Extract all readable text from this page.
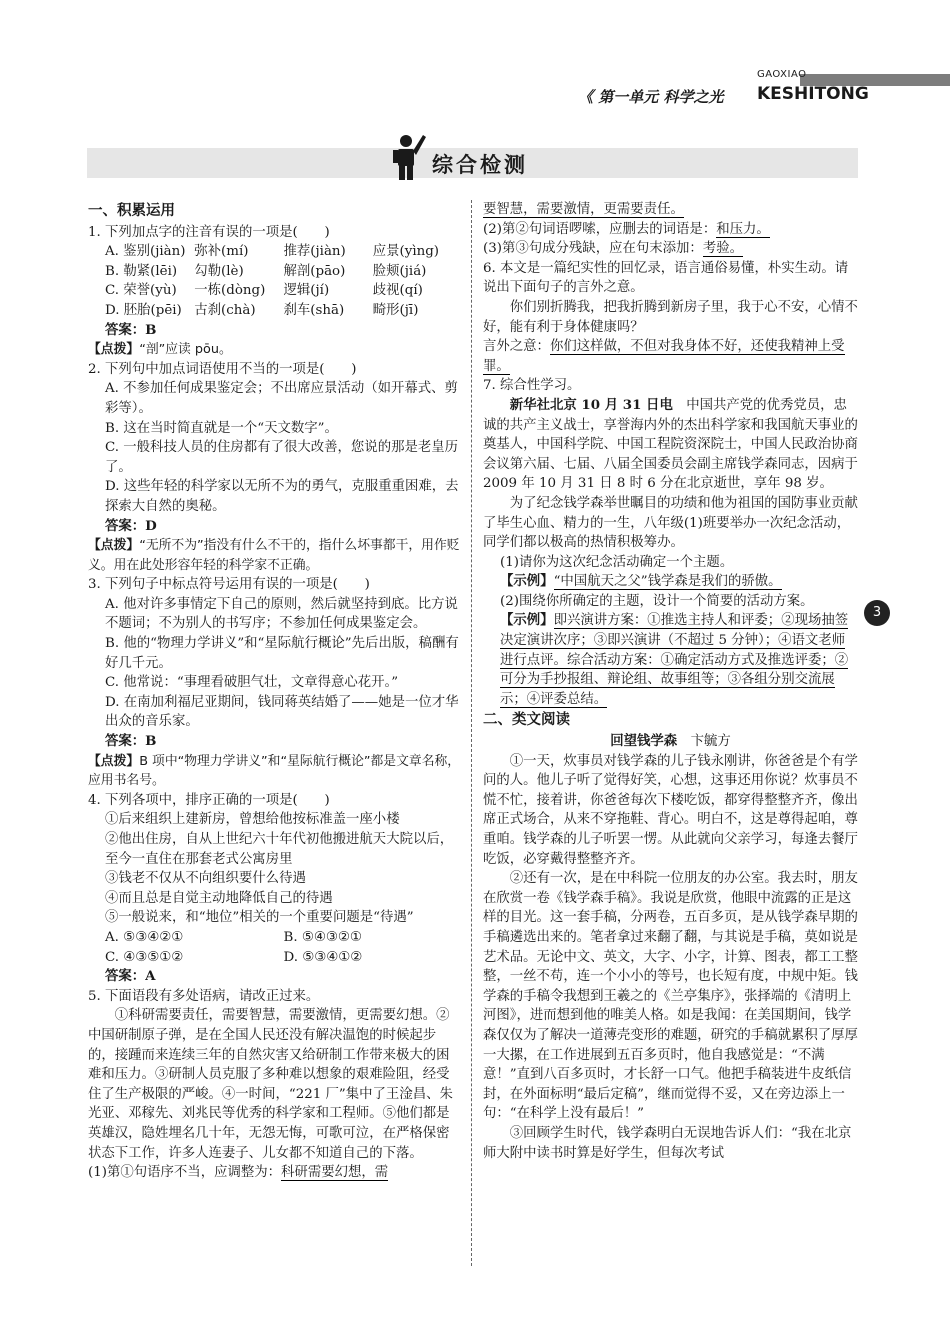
《 第一单元 科学之光
GAOXIAO
KESHITONG
综合检测
一、积累运用
1. 下列加点字的注音有误的一项是(　　)
A. 鉴别(jiàn) 弥补(mí)	推荐(jiàn)	应景(yìng)
B. 勒紧(lēi)	勾勒(lè)	解剖(pāo)	脸颊(jiá)
C. 荣誉(yù)	一栋(dòng)	逻辑(jí)	歧视(qí)
D. 胚胎(pēi) 古刹(chà)	刹车(shā)	畸形(jī)
答案：B
【点拨】“剖”应读 pōu。
2. 下列句中加点词语使用不当的一项是(　　)
A. 不参加任何成果鉴定会；不出席应景活动（如开幕式、剪彩等）。
B. 这在当时简直就是一个“天文数字”。
C. 一般科技人员的住房都有了很大改善，您说的那是老皇历了。
D. 这些年轻的科学家以无所不为的勇气，克服重重困难，去探索大自然的奥秘。
答案：D
【点拨】“无所不为”指没有什么不干的，指什么坏事都干，用作贬义。用在此处形容年轻的科学家不正确。
3. 下列句子中标点符号运用有误的一项是(　　)
A. 他对许多事情定下自己的原则，然后就坚持到底。比方说不题词；不为别人的书写序；不参加任何成果鉴定会。
B. 他的“物理力学讲义”和“星际航行概论”先后出版，稿酬有好几千元。
C. 他常说：“事理看破胆气壮，文章得意心花开。”
D. 在南加利福尼亚期间，钱同蒋英结婚了——她是一位才华出众的音乐家。
答案：B
【点拨】B 项中“物理力学讲义”和“星际航行概论”都是文章名称，应用书名号。
4. 下列各项中，排序正确的一项是(　　)
①后来组织上建新房，曾想给他按标准盖一座小楼
②他出住房，自从上世纪六十年代初他搬进航天大院以后，至今一直住在那套老式公寓房里
③钱老不仅从不向组织要什么待遇
④而且总是自觉主动地降低自己的待遇
⑤一般说来，和“地位”相关的一个重要问题是“待遇”
A. ⑤③④②①	B. ⑤④③②①
C. ④③⑤①②	D. ⑤③④①②
答案：A
5. 下面语段有多处语病，请改正过来。
①科研需要责任，需要智慧，需要激情，更需要幻想。②中国研制原子弹，是在全国人民还没有解决温饱的时候起步的，接踵而来连续三年的自然灾害又给研制工作带来极大的困难和压力。③研制人员克服了多种难以想象的艰难险阻，经受住了生产极限的严峻。④一时间，“221 厂”集中了王淦昌、朱光亚、邓稼先、刘兆民等优秀的科学家和工程师。⑤他们都是英雄汉，隐姓埋名几十年，无怨无悔，可歌可泣，在严格保密状态下工作，许多人连妻子、儿女都不知道自己的下落。
(1)第①句语序不当，应调整为：科研需要幻想，需
要智慧，需要激情，更需要责任。
(2)第②句词语啰嗦，应删去的词语是：和压力。
(3)第③句成分残缺，应在句末添加：考验。
6. 本文是一篇纪实性的回忆录，语言通俗易懂，朴实生动。请说出下面句子的言外之意。
你们别折腾我，把我折腾到新房子里，我于心不安，心情不好，能有利于身体健康吗？
言外之意：你们这样做，不但对我身体不好，还使我精神上受罪。
7. 综合性学习。
新华社北京 10 月 31 日电　中国共产党的优秀党员，忠诚的共产主义战士，享誉海内外的杰出科学家和我国航天事业的奠基人，中国科学院、中国工程院资深院士，中国人民政治协商会议第六届、七届、八届全国委员会副主席钱学森同志，因病于 2009 年 10 月 31 日 8 时 6 分在北京逝世，享年 98 岁。
为了纪念钱学森举世瞩目的功绩和他为祖国的国防事业贡献了毕生心血、精力的一生，八年级(1)班要举办一次纪念活动，同学们都以极高的热情积极筹办。
(1)请你为这次纪念活动确定一个主题。
【示例】“中国航天之父”钱学森是我们的骄傲。
(2)围绕你所确定的主题，设计一个简要的活动方案。
【示例】即兴演讲方案：①推选主持人和评委；②现场抽签决定演讲次序；③即兴演讲（不超过 5 分钟）；④语文老师进行点评。综合活动方案：①确定活动方式及推选评委；②可分为手抄报组、辩论组、故事组等；③各组分别交流展示；④评委总结。
二、类文阅读
回望钱学森　卞毓方
①一天，炊事员对钱学森的儿子钱永刚讲，你爸爸是个有学问的人。他儿子听了觉得好笑，心想，这事还用你说？炊事员不慌不忙，接着讲，你爸爸每次下楼吃饭，都穿得整整齐齐，像出席正式场合，从来不穿拖鞋、背心。明白不，这是尊得起咱，尊重咱。钱学森的儿子听罢一愣。从此就向父亲学习，每逢去餐厅吃饭，必穿戴得整整齐齐。
②还有一次，是在中科院一位朋友的办公室。我去时，朋友在欣赏一卷《钱学森手稿》。我说是欣赏，他眼中流露的正是这样的目光。这一套手稿，分两卷，五百多页，是从钱学森早期的手稿遴选出来的。笔者拿过来翻了翻，与其说是手稿，莫如说是艺术品。无论中文、英文，大字、小字，计算、图表，都工工整整，一丝不苟，连一个小小的等号，也长短有度，中规中矩。钱学森的手稿令我想到王羲之的《兰亭集序》，张择端的《清明上河图》，进而想到他的唯美人格。如是我闻：在美国期间，钱学森仅仅为了解决一道薄壳变形的难题，研究的手稿就累积了厚厚一大摞，在工作进展到五百多页时，他自我感觉是：“不满意！”直到八百多页时，才长舒一口气。他把手稿装进牛皮纸信封，在外面标明“最后定稿”，继而觉得不妥，又在旁边添上一句：“在科学上没有最后！”
③回顾学生时代，钱学森明白无误地告诉人们：“我在北京师大附中读书时算是好学生，但每次考试
3
